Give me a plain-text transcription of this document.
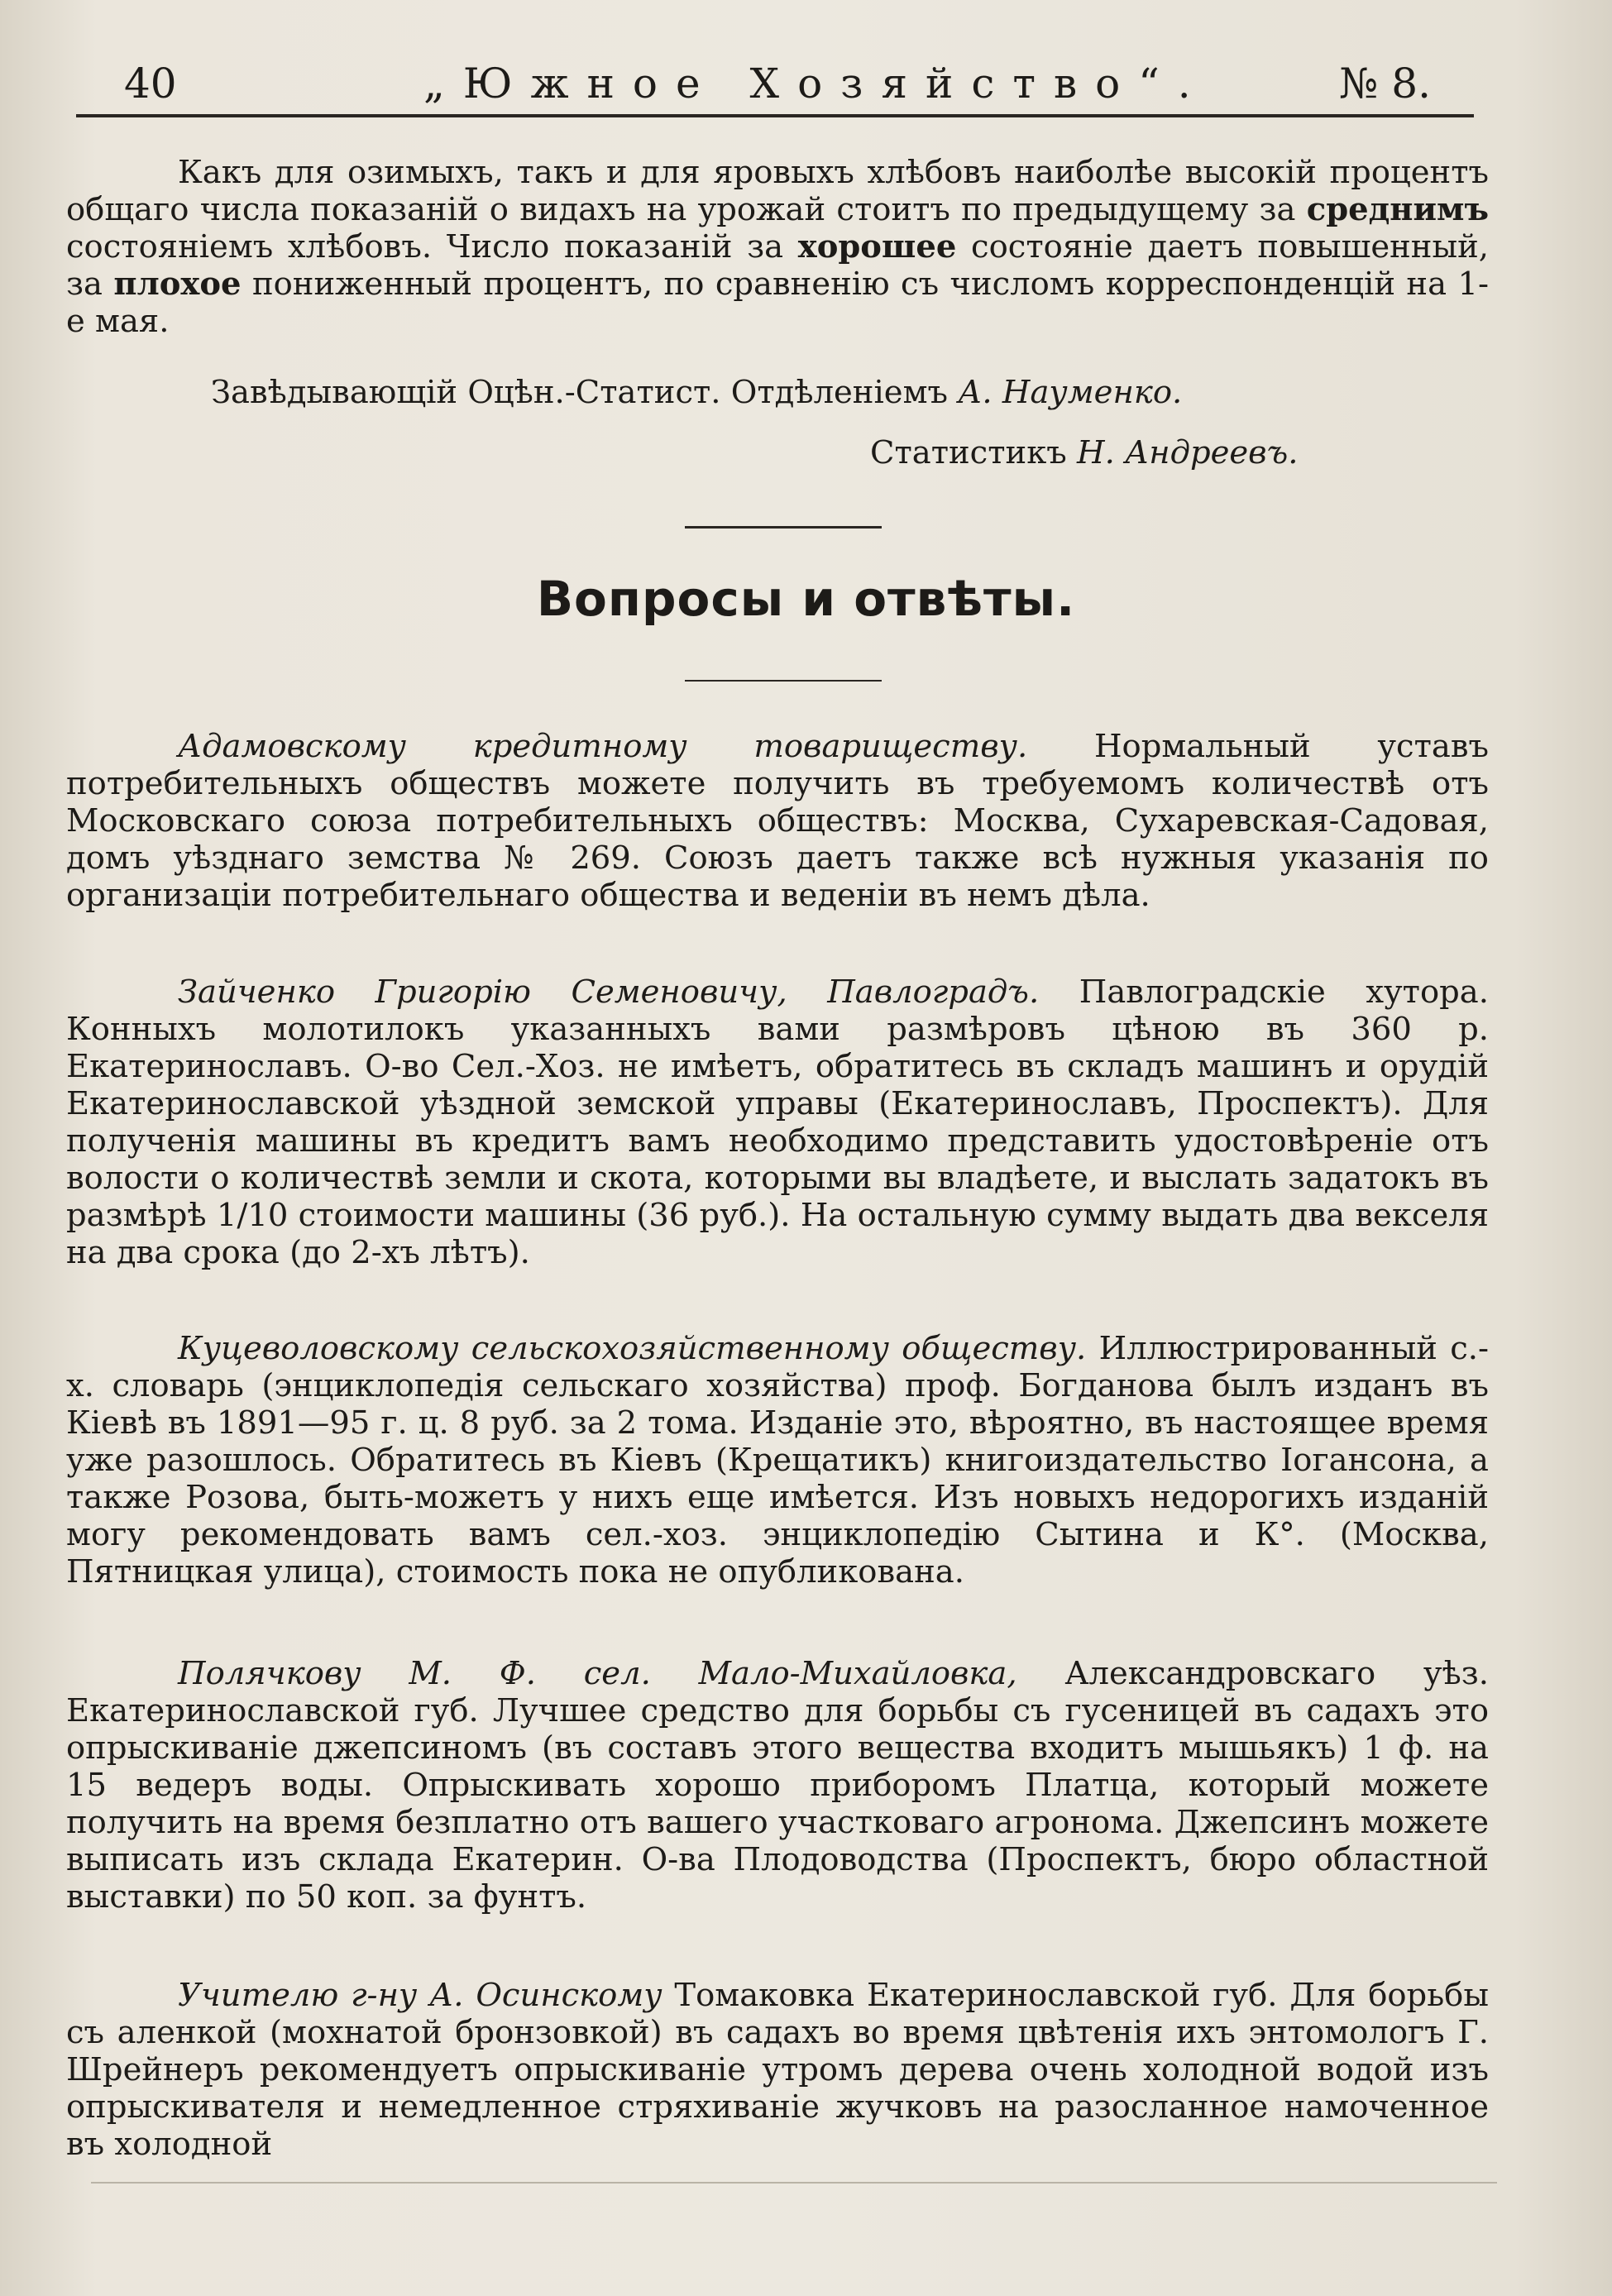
40	„Южное Хозяйство“.	№ 8.

Какъ для озимыхъ, такъ и для яровыхъ хлѣбовъ наиболѣе высокій процентъ общаго числа показаній о видахъ на урожай стоитъ по предыдущему за среднимъ состояніемъ хлѣбовъ. Число показаній за хорошее состояніе даетъ повышенный, за плохое пониженный процентъ, по сравненію съ числомъ корреспонденцій на 1-е мая.

Завѣдывающій Оцѣн.-Статист. Отдѣленіемъ А. Науменко.
Статистикъ Н. Андреевъ.
Вопросы и отвѣты.

Адамовскому кредитному товариществу. Нормальный уставъ потребительныхъ обществъ можете получить въ требуемомъ количествѣ отъ Московскаго союза потребительныхъ обществъ: Москва, Сухаревская-Садовая, домъ уѣзднаго земства № 269. Союзъ даетъ также всѣ нужныя указанія по организаціи потребительнаго общества и веденіи въ немъ дѣла.

Зайченко Григорію Семеновичу, Павлоградъ. Павлоградскіе хутора. Конныхъ молотилокъ указанныхъ вами размѣровъ цѣною въ 360 р. Екатеринославъ. О-во Сел.-Хоз. не имѣетъ, обратитесь въ складъ машинъ и орудій Екатеринославской уѣздной земской управы (Екатеринославъ, Проспектъ). Для полученія машины въ кредитъ вамъ необходимо представить удостовѣреніе отъ волости о количествѣ земли и скота, которыми вы владѣете, и выслать задатокъ въ размѣрѣ 1/10 стоимости машины (36 руб.). На остальную сумму выдать два векселя на два срока (до 2-хъ лѣтъ).

Куцеволовскому сельскохозяйственному обществу. Иллюстрированный с.-х. словарь (энциклопедія сельскаго хозяйства) проф. Богданова былъ изданъ въ Кіевѣ въ 1891—95 г. ц. 8 руб. за 2 тома. Изданіе это, вѣроятно, въ настоящее время уже разошлось. Обратитесь въ Кіевъ (Крещатикъ) книгоиздательство Іогансона, а также Розова, быть-можетъ у нихъ еще имѣется. Изъ новыхъ недорогихъ изданій могу рекомендовать вамъ сел.-хоз. энциклопедію Сытина и К°. (Москва, Пятницкая улица), стоимость пока не опубликована.

Полячкову М. Ф. сел. Мало-Михайловка, Александровскаго уѣз. Екатеринославской губ. Лучшее средство для борьбы съ гусеницей въ садахъ это опрыскиваніе джепсиномъ (въ составъ этого вещества входитъ мышьякъ) 1 ф. на 15 ведеръ воды. Опрыскивать хорошо приборомъ Платца, который можете получить на время безплатно отъ вашего участковаго агронома. Джепсинъ можете выписать изъ склада Екатерин. О-ва Плодоводства (Проспектъ, бюро областной выставки) по 50 коп. за фунтъ.

Учителю г-ну А. Осинскому Томаковка Екатеринославской губ. Для борьбы съ аленкой (мохнатой бронзовкой) въ садахъ во время цвѣтенія ихъ энтомологъ Г. Шрейнеръ рекомендуетъ опрыскиваніе утромъ дерева очень холодной водой изъ опрыскивателя и немедленное стряхиваніе жучковъ на разосланное намоченное въ холодной
